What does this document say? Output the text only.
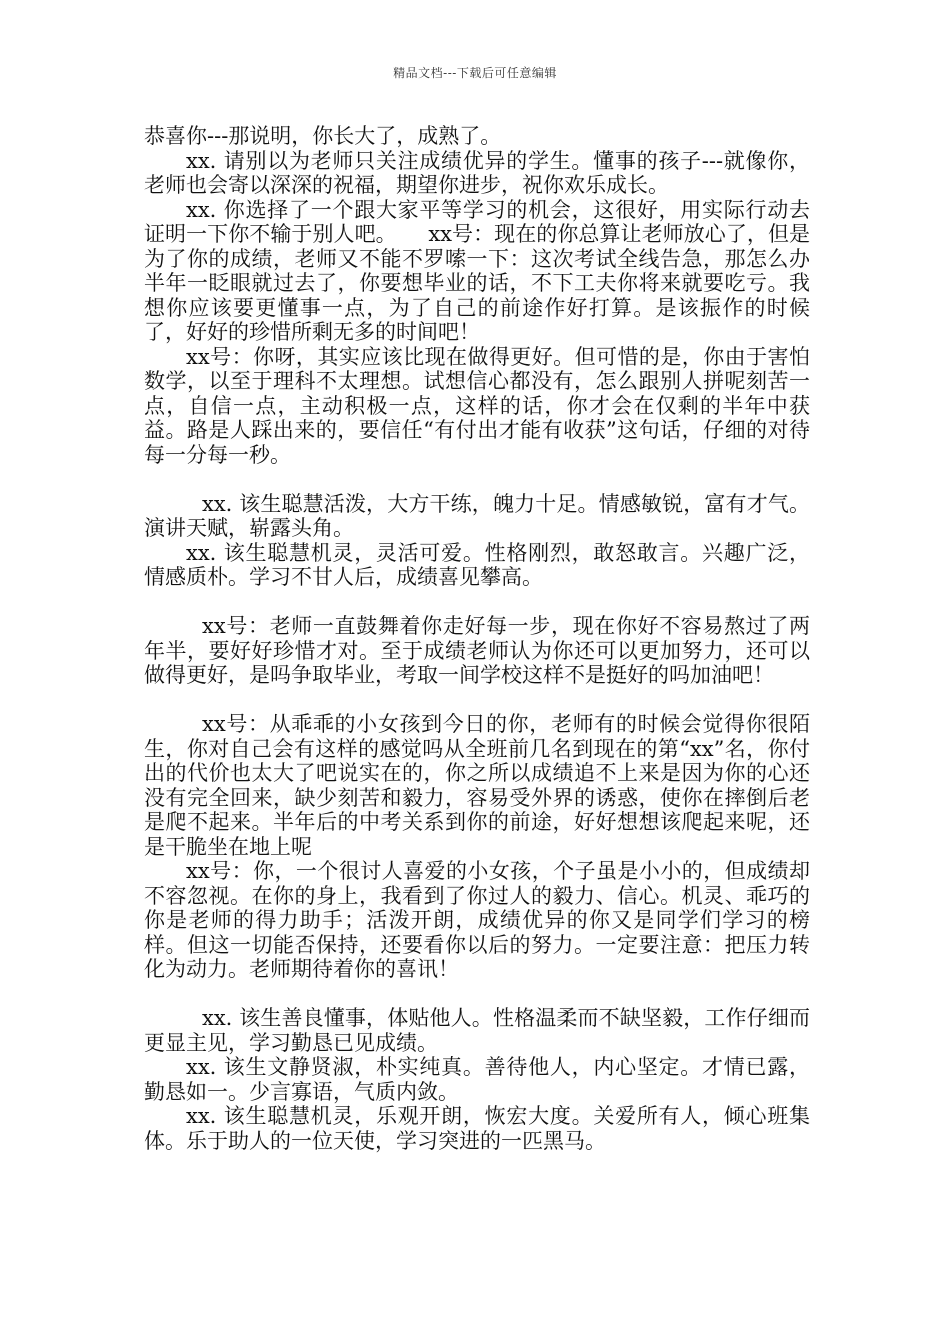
精品文档---下载后可任意编辑

恭喜你---那说明，你长大了，成熟了。

xx. 请别以为老师只关注成绩优异的学生。懂事的孩子---就像你，老师也会寄以深深的祝福，期望你进步，祝你欢乐成长。

xx. 你选择了一个跟大家平等学习的机会，这很好，用实际行动去证明一下你不输于别人吧。　　xx号：现在的你总算让老师放心了，但是为了你的成绩，老师又不能不罗嗦一下：这次考试全线告急，那怎么办半年一眨眼就过去了，你要想毕业的话，不下工夫你将来就要吃亏。我想你应该要更懂事一点，为了自己的前途作好打算。是该振作的时候了，好好的珍惜所剩无多的时间吧！

xx号：你呀，其实应该比现在做得更好。但可惜的是，你由于害怕数学，以至于理科不太理想。试想信心都没有，怎么跟别人拼呢刻苦一点，自信一点，主动积极一点，这样的话，你才会在仅剩的半年中获益。路是人踩出来的，要信任“有付出才能有收获”这句话，仔细的对待每一分每一秒。

xx. 该生聪慧活泼，大方干练，魄力十足。情感敏锐，富有才气。演讲天赋，崭露头角。

xx. 该生聪慧机灵，灵活可爱。性格刚烈，敢怒敢言。兴趣广泛，情感质朴。学习不甘人后，成绩喜见攀高。

xx号：老师一直鼓舞着你走好每一步，现在你好不容易熬过了两年半，要好好珍惜才对。至于成绩老师认为你还可以更加努力，还可以做得更好，是吗争取毕业，考取一间学校这样不是挺好的吗加油吧！

xx号：从乖乖的小女孩到今日的你，老师有的时候会觉得你很陌生，你对自己会有这样的感觉吗从全班前几名到现在的第“xx”名，你付出的代价也太大了吧说实在的，你之所以成绩追不上来是因为你的心还没有完全回来，缺少刻苦和毅力，容易受外界的诱惑，使你在摔倒后老是爬不起来。半年后的中考关系到你的前途，好好想想该爬起来呢，还是干脆坐在地上呢

xx号：你，一个很讨人喜爱的小女孩，个子虽是小小的，但成绩却不容忽视。在你的身上，我看到了你过人的毅力、信心。机灵、乖巧的你是老师的得力助手；活泼开朗，成绩优异的你又是同学们学习的榜样。但这一切能否保持，还要看你以后的努力。一定要注意：把压力转化为动力。老师期待着你的喜讯！

xx. 该生善良懂事，体贴他人。性格温柔而不缺坚毅，工作仔细而更显主见，学习勤恳已见成绩。

xx. 该生文静贤淑，朴实纯真。善待他人，内心坚定。才情已露，勤恳如一。少言寡语，气质内敛。

xx. 该生聪慧机灵，乐观开朗，恢宏大度。关爱所有人，倾心班集体。乐于助人的一位天使，学习突进的一匹黑马。
